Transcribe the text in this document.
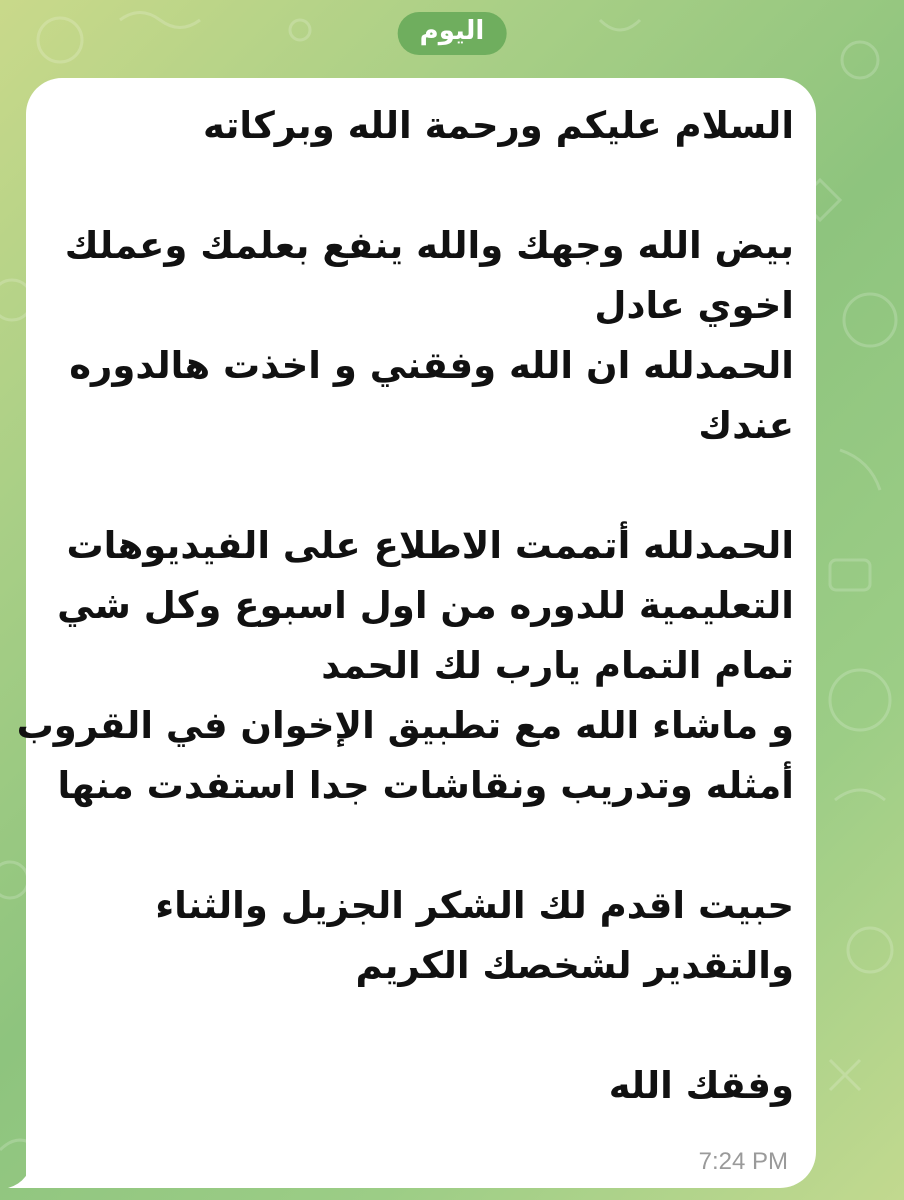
اليوم
السلام عليكم ورحمة الله وبركاته
بيض الله وجهك والله ينفع بعلمك وعملك
اخوي عادل
الحمدلله ان الله وفقني و اخذت هالدوره
عندك
الحمدلله أتممت الاطلاع على الفيديوهات
التعليمية للدوره من اول اسبوع وكل شي
تمام التمام يارب لك الحمد
و ماشاء الله مع تطبيق الإخوان في القروب
أمثله وتدريب ونقاشات جدا استفدت منها
حبيت اقدم لك الشكر الجزيل والثناء
والتقدير لشخصك الكريم
وفقك الله
7:24 PM
